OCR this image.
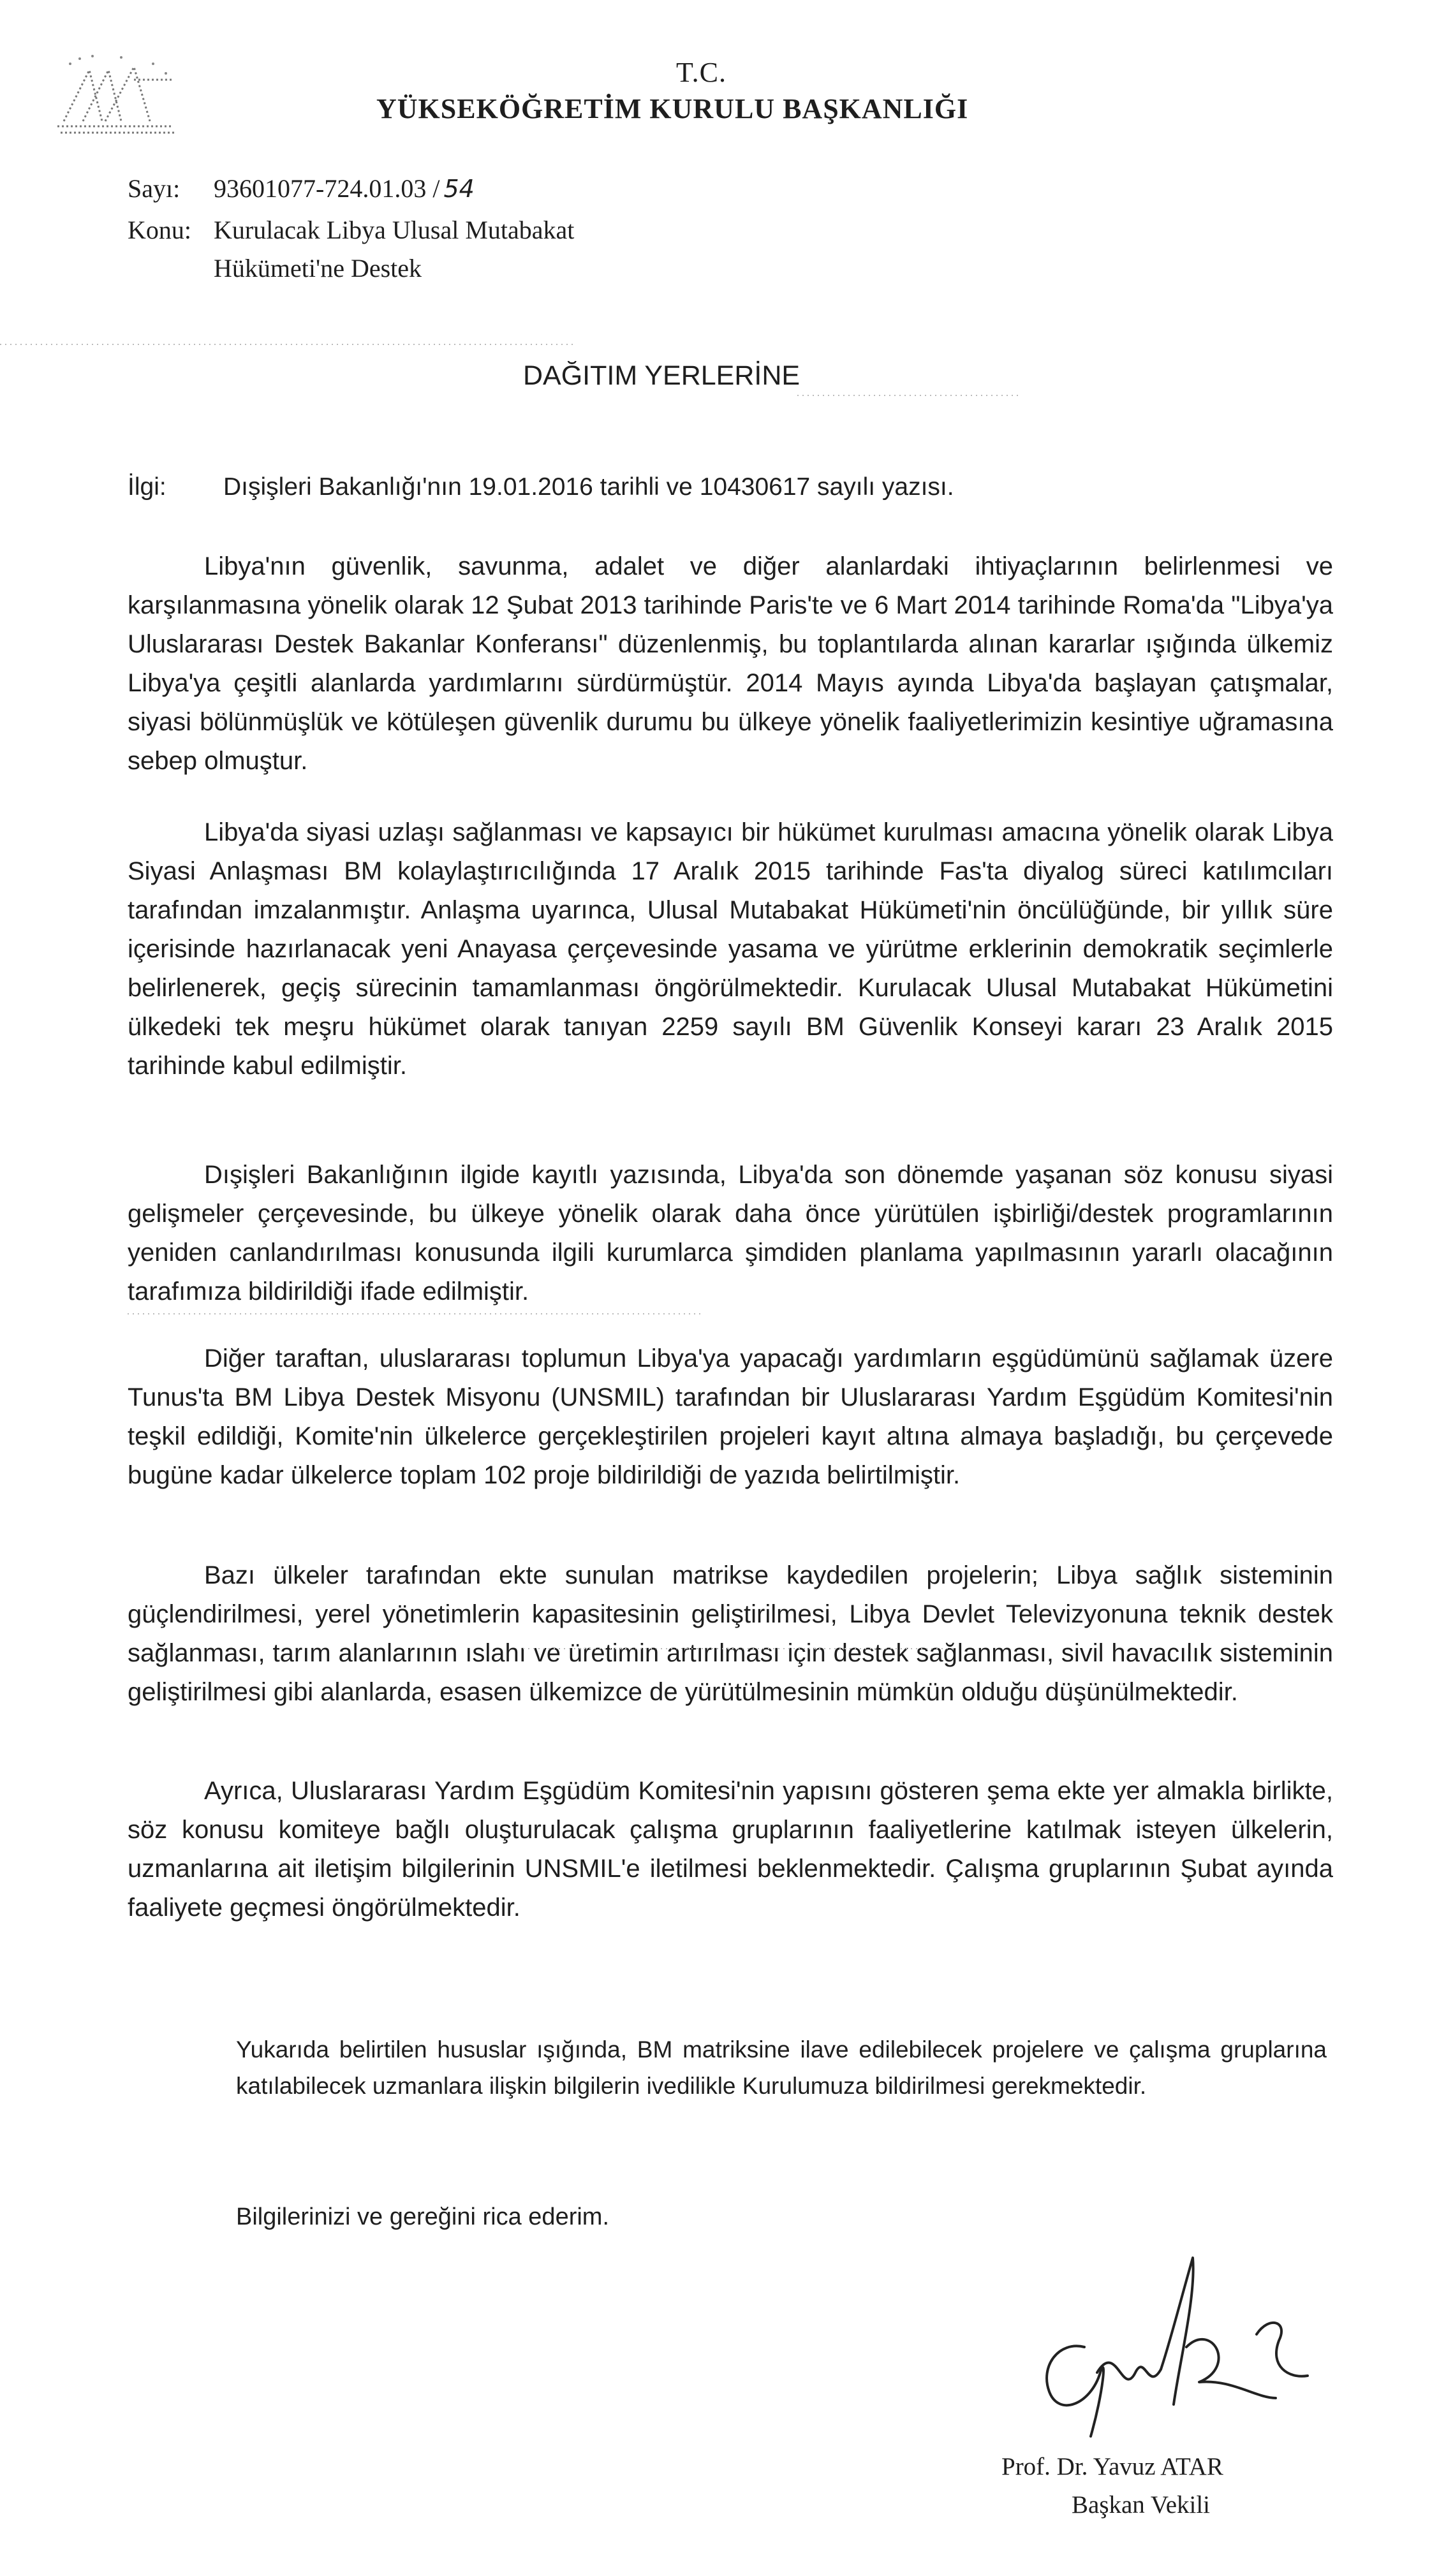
T.C.
YÜKSEKÖĞRETİM KURULU BAŞKANLIĞI
Sayı: 93601077-724.01.03 / 54
Konu: Kurulacak Libya Ulusal Mutabakat
Hükümeti'ne Destek
DAĞITIM YERLERİNE
İlgi: Dışişleri Bakanlığı'nın 19.01.2016 tarihli ve 10430617 sayılı yazısı.

Libya'nın güvenlik, savunma, adalet ve diğer alanlardaki ihtiyaçlarının belirlenmesi ve karşılanmasına yönelik olarak 12 Şubat 2013 tarihinde Paris'te ve 6 Mart 2014 tarihinde Roma'da "Libya'ya Uluslararası Destek Bakanlar Konferansı" düzenlenmiş, bu toplantılarda alınan kararlar ışığında ülkemiz Libya'ya çeşitli alanlarda yardımlarını sürdürmüştür. 2014 Mayıs ayında Libya'da başlayan çatışmalar, siyasi bölünmüşlük ve kötüleşen güvenlik durumu bu ülkeye yönelik faaliyetlerimizin kesintiye uğramasına sebep olmuştur.

Libya'da siyasi uzlaşı sağlanması ve kapsayıcı bir hükümet kurulması amacına yönelik olarak Libya Siyasi Anlaşması BM kolaylaştırıcılığında 17 Aralık 2015 tarihinde Fas'ta diyalog süreci katılımcıları tarafından imzalanmıştır. Anlaşma uyarınca, Ulusal Mutabakat Hükümeti'nin öncülüğünde, bir yıllık süre içerisinde hazırlanacak yeni Anayasa çerçevesinde yasama ve yürütme erklerinin demokratik seçimlerle belirlenerek, geçiş sürecinin tamamlanması öngörülmektedir. Kurulacak Ulusal Mutabakat Hükümetini ülkedeki tek meşru hükümet olarak tanıyan 2259 sayılı BM Güvenlik Konseyi kararı 23 Aralık 2015 tarihinde kabul edilmiştir.

Dışişleri Bakanlığının ilgide kayıtlı yazısında, Libya'da son dönemde yaşanan söz konusu siyasi gelişmeler çerçevesinde, bu ülkeye yönelik olarak daha önce yürütülen işbirliği/destek programlarının yeniden canlandırılması konusunda ilgili kurumlarca şimdiden planlama yapılmasının yararlı olacağının tarafımıza bildirildiği ifade edilmiştir.

Diğer taraftan, uluslararası toplumun Libya'ya yapacağı yardımların eşgüdümünü sağlamak üzere Tunus'ta BM Libya Destek Misyonu (UNSMIL) tarafından bir Uluslararası Yardım Eşgüdüm Komitesi'nin teşkil edildiği, Komite'nin ülkelerce gerçekleştirilen projeleri kayıt altına almaya başladığı, bu çerçevede bugüne kadar ülkelerce toplam 102 proje bildirildiği de yazıda belirtilmiştir.

Bazı ülkeler tarafından ekte sunulan matrikse kaydedilen projelerin; Libya sağlık sisteminin güçlendirilmesi, yerel yönetimlerin kapasitesinin geliştirilmesi, Libya Devlet Televizyonuna teknik destek sağlanması, tarım alanlarının ıslahı ve üretimin artırılması için destek sağlanması, sivil havacılık sisteminin geliştirilmesi gibi alanlarda, esasen ülkemizce de yürütülmesinin mümkün olduğu düşünülmektedir.

Ayrıca, Uluslararası Yardım Eşgüdüm Komitesi'nin yapısını gösteren şema ekte yer almakla birlikte, söz konusu komiteye bağlı oluşturulacak çalışma gruplarının faaliyetlerine katılmak isteyen ülkelerin, uzmanlarına ait iletişim bilgilerinin UNSMIL'e iletilmesi beklenmektedir. Çalışma gruplarının Şubat ayında faaliyete geçmesi öngörülmektedir.

Yukarıda belirtilen hususlar ışığında, BM matriksine ilave edilebilecek projelere ve çalışma gruplarına katılabilecek uzmanlara ilişkin bilgilerin ivedilikle Kurulumuza bildirilmesi gerekmektedir.

Bilgilerinizi ve gereğini rica ederim.
Prof. Dr. Yavuz ATAR
Başkan Vekili
